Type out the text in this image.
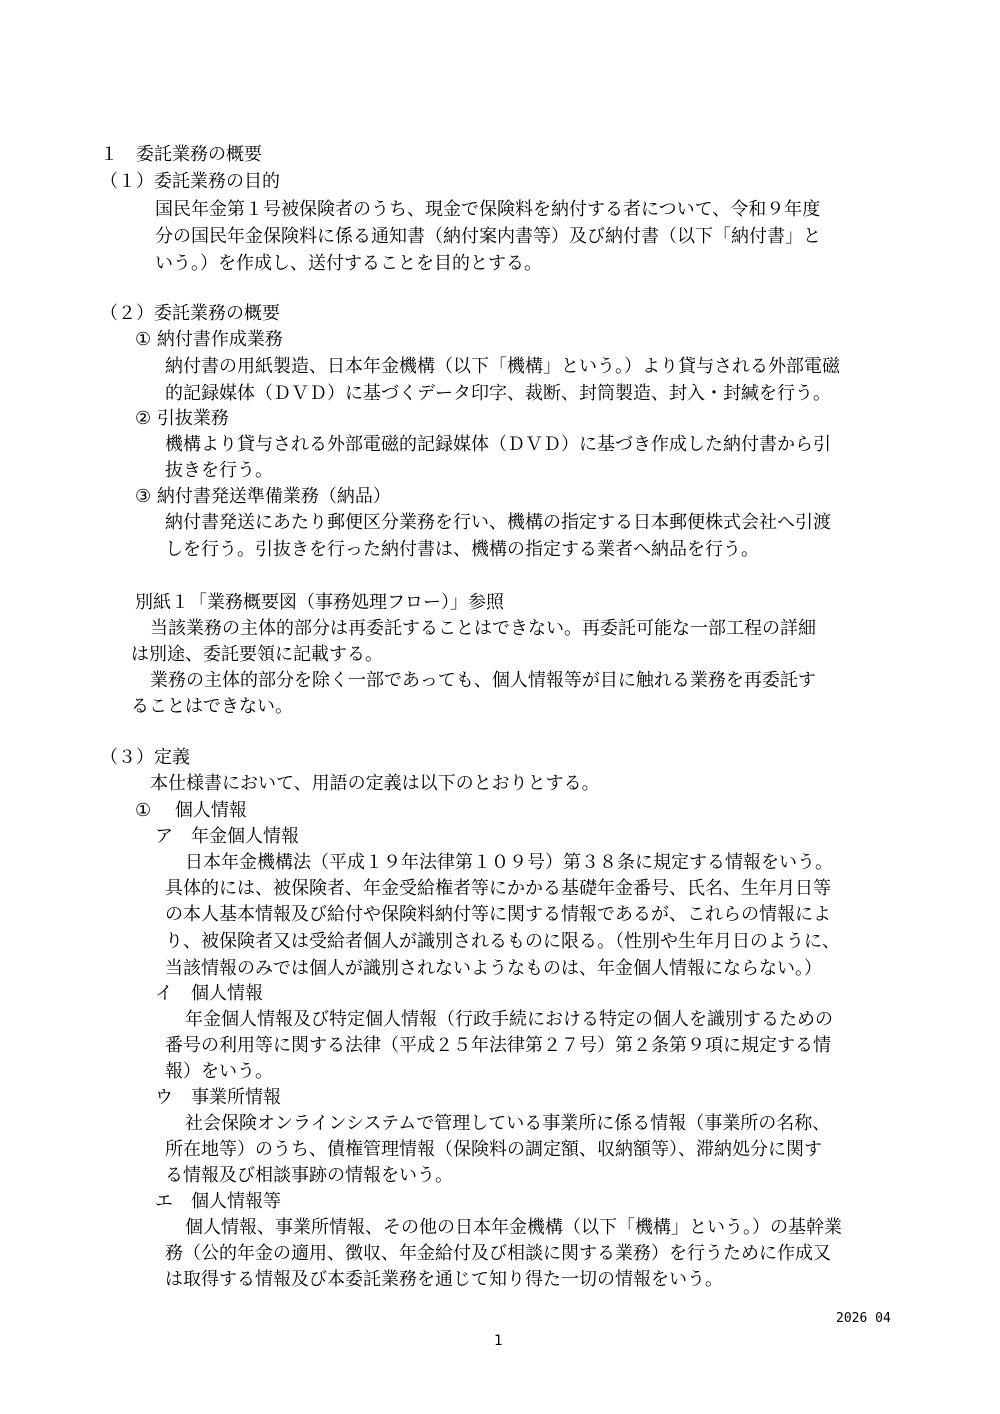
１　委託業務の概要
（１）委託業務の目的
国民年金第１号被保険者のうち、現金で保険料を納付する者について、令和９年度
分の国民年金保険料に係る通知書（納付案内書等）及び納付書（以下「納付書」と
いう。）を作成し、送付することを目的とする。
（２）委託業務の概要
① 納付書作成業務
納付書の用紙製造、日本年金機構（以下「機構」という。）より貸与される外部電磁
的記録媒体（ＤＶＤ）に基づくデータ印字、裁断、封筒製造、封入・封緘を行う。
② 引抜業務
機構より貸与される外部電磁的記録媒体（ＤＶＤ）に基づき作成した納付書から引
抜きを行う。
③ 納付書発送準備業務（納品）
納付書発送にあたり郵便区分業務を行い、機構の指定する日本郵便株式会社へ引渡
しを行う。引抜きを行った納付書は、機構の指定する業者へ納品を行う。
別紙１「業務概要図（事務処理フロー）」参照
当該業務の主体的部分は再委託することはできない。再委託可能な一部工程の詳細
は別途、委託要領に記載する。
業務の主体的部分を除く一部であっても、個人情報等が目に触れる業務を再委託す
ることはできない。
（３）定義
本仕様書において、用語の定義は以下のとおりとする。
①　 個人情報
ア　年金個人情報
日本年金機構法（平成１９年法律第１０９号）第３８条に規定する情報をいう。
具体的には、被保険者、年金受給権者等にかかる基礎年金番号、氏名、生年月日等
の本人基本情報及び給付や保険料納付等に関する情報であるが、これらの情報によ
り、被保険者又は受給者個人が識別されるものに限る。（性別や生年月日のように、
当該情報のみでは個人が識別されないようなものは、年金個人情報にならない。）
イ　個人情報
年金個人情報及び特定個人情報（行政手続における特定の個人を識別するための
番号の利用等に関する法律（平成２５年法律第２７号）第２条第９項に規定する情
報）をいう。
ウ　事業所情報
社会保険オンラインシステムで管理している事業所に係る情報（事業所の名称、
所在地等）のうち、債権管理情報（保険料の調定額、収納額等）、滞納処分に関す
る情報及び相談事跡の情報をいう。
エ　個人情報等
個人情報、事業所情報、その他の日本年金機構（以下「機構」という。）の基幹業
務（公的年金の適用、徴収、年金給付及び相談に関する業務）を行うために作成又
は取得する情報及び本委託業務を通じて知り得た一切の情報をいう。
2026 04
1
